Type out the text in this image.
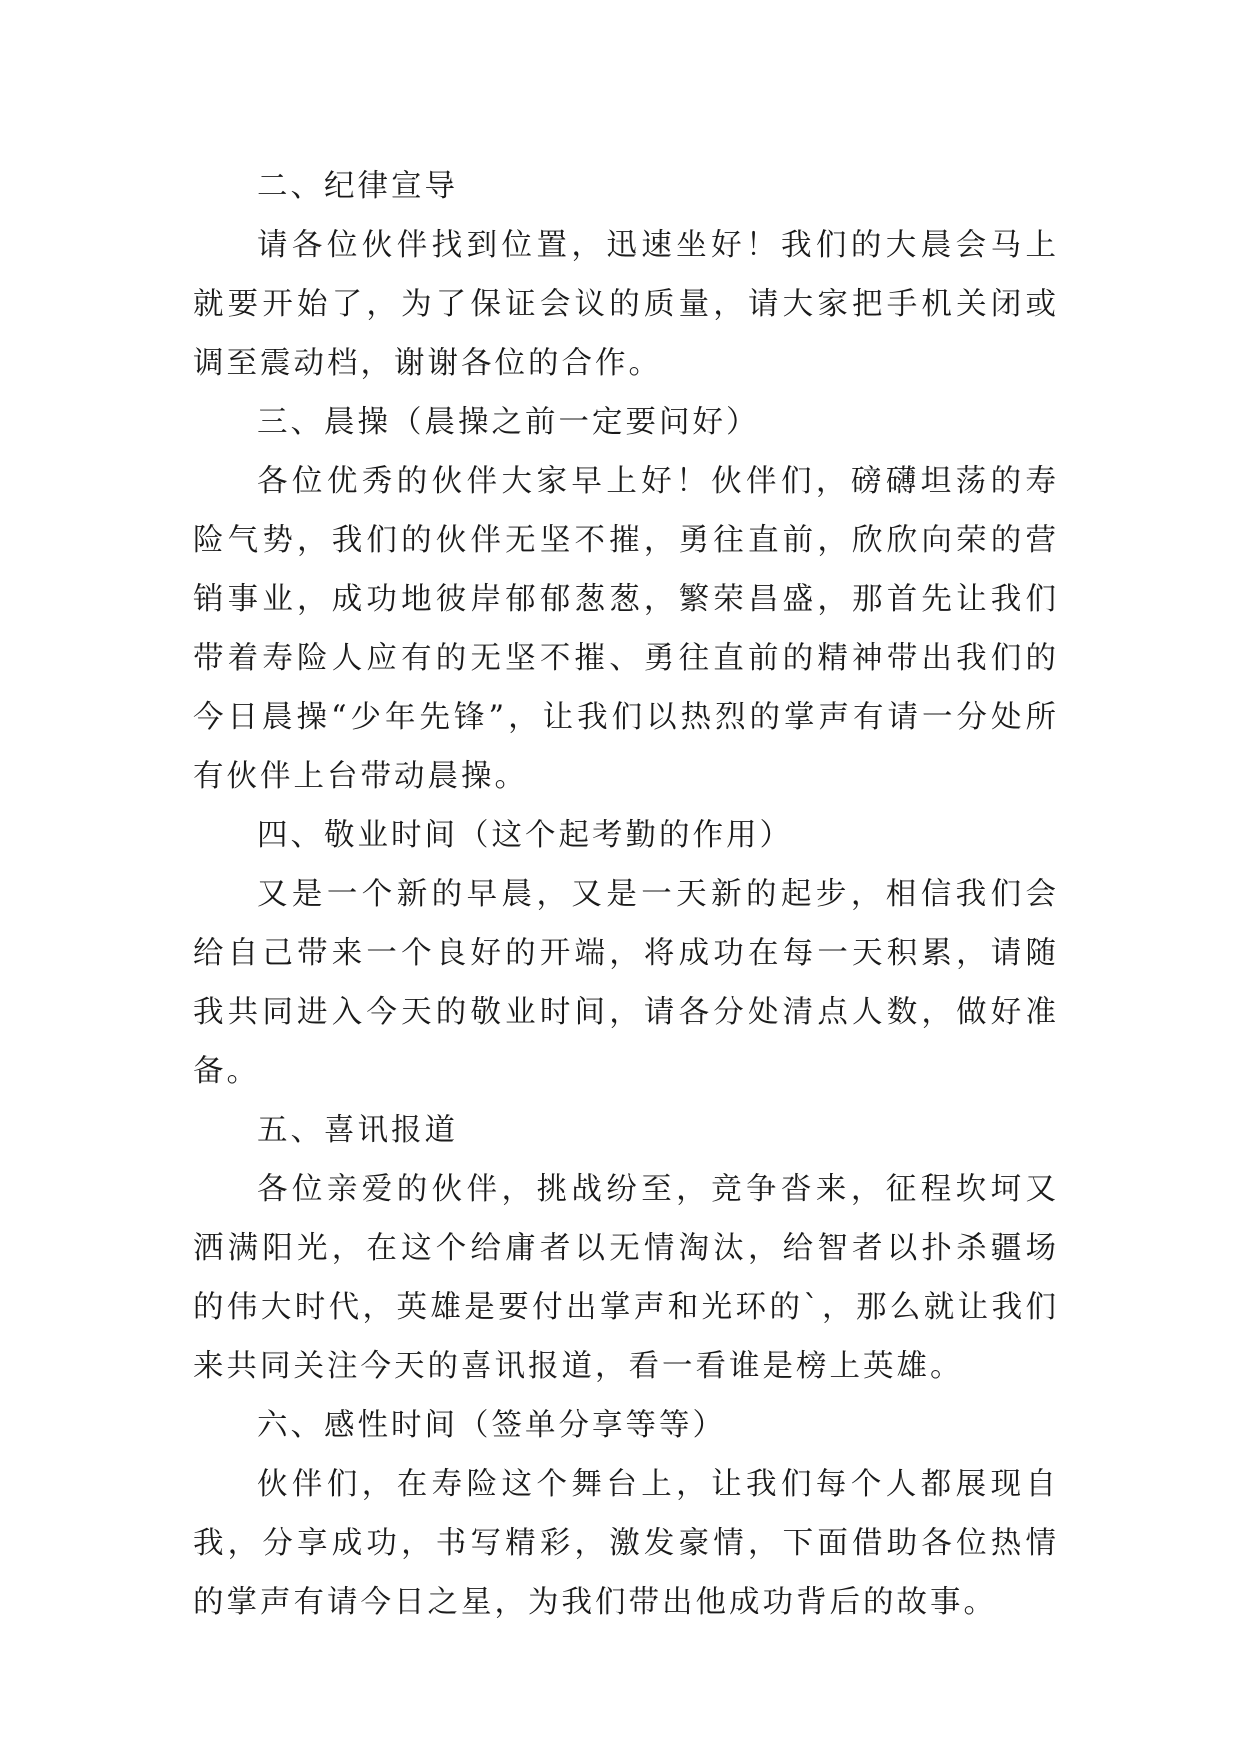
二、纪律宣导

请各位伙伴找到位置，迅速坐好！我们的大晨会马上就要开始了，为了保证会议的质量，请大家把手机关闭或调至震动档，谢谢各位的合作。

三、晨操（晨操之前一定要问好）

各位优秀的伙伴大家早上好！伙伴们，磅礴坦荡的寿险气势，我们的伙伴无坚不摧，勇往直前，欣欣向荣的营销事业，成功地彼岸郁郁葱葱，繁荣昌盛，那首先让我们带着寿险人应有的无坚不摧、勇往直前的精神带出我们的今日晨操“少年先锋”，让我们以热烈的掌声有请一分处所有伙伴上台带动晨操。

四、敬业时间（这个起考勤的作用）

又是一个新的早晨，又是一天新的起步，相信我们会给自己带来一个良好的开端，将成功在每一天积累，请随我共同进入今天的敬业时间，请各分处清点人数，做好准备。

五、喜讯报道

各位亲爱的伙伴，挑战纷至，竞争沓来，征程坎坷又洒满阳光，在这个给庸者以无情淘汰，给智者以扑杀疆场的伟大时代，英雄是要付出掌声和光环的`，那么就让我们来共同关注今天的喜讯报道，看一看谁是榜上英雄。

六、感性时间（签单分享等等）

伙伴们，在寿险这个舞台上，让我们每个人都展现自我，分享成功，书写精彩，激发豪情，下面借助各位热情的掌声有请今日之星，为我们带出他成功背后的故事。
